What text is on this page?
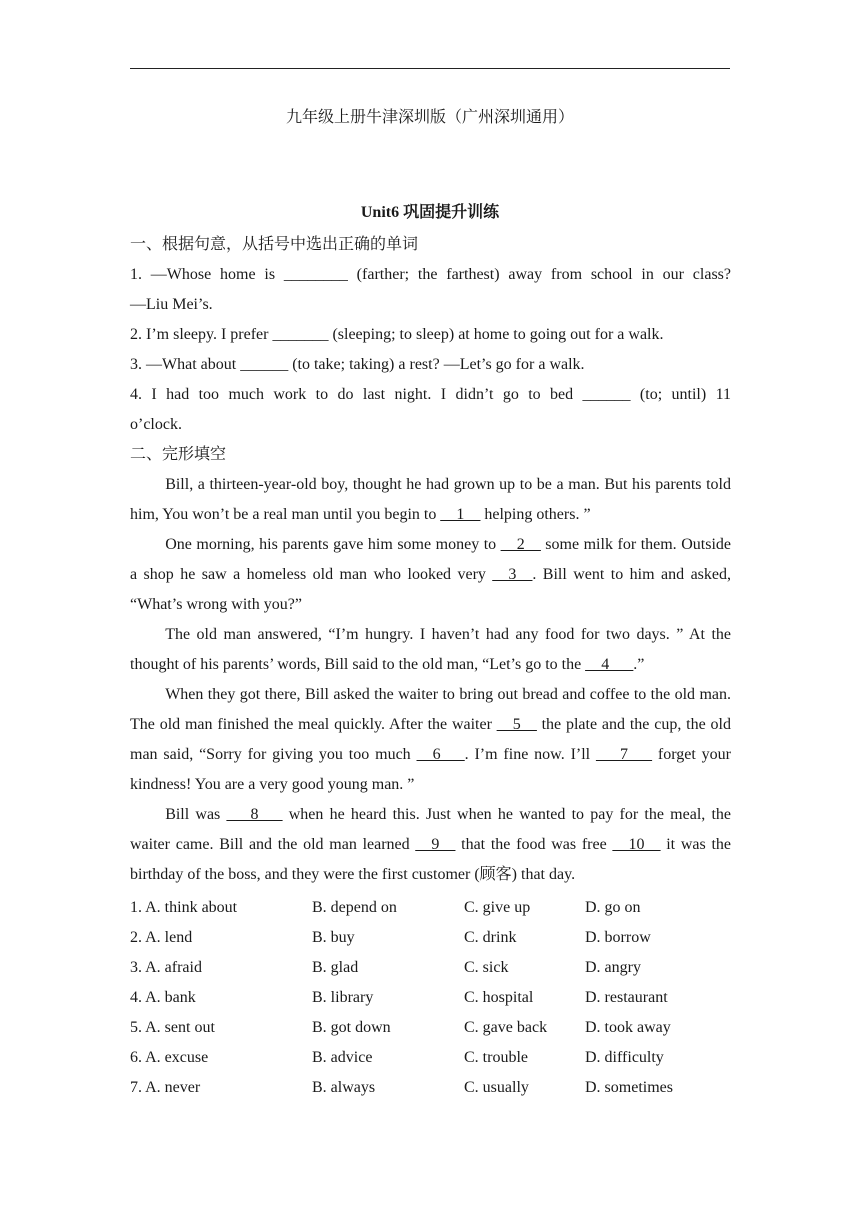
九年级上册牛津深圳版（广州深圳通用）
Unit6 巩固提升训练
一、根据句意，从括号中选出正确的单词
1. —Whose home is ________ (farther; the farthest) away from school in our class?
—Liu Mei’s.
2. I’m sleepy. I prefer _______ (sleeping; to sleep) at home to going out for a walk.
3. —What about ______ (to take; taking) a rest? —Let’s go for a walk.
4. I had too much work to do last night. I didn’t go to bed ______ (to; until) 11
o’clock.
二、完形填空

Bill, a thirteen-year-old boy, thought he had grown up to be a man. But his parents told him, You won’t be a real man until you begin to __1__ helping others. ”

One morning, his parents gave him some money to __2__ some milk for them. Outside a shop he saw a homeless old man who looked very __3__. Bill went to him and asked, “What’s wrong with you?”

The old man answered, “I’m hungry. I haven’t had any food for two days. ” At the thought of his parents’ words, Bill said to the old man, “Let’s go to the __4___.”

When they got there, Bill asked the waiter to bring out bread and coffee to the old man. The old man finished the meal quickly. After the waiter __5__ the plate and the cup, the old man said, “Sorry for giving you too much __6___. I’m fine now. I’ll ___7___ forget your kindness! You are a very good young man. ”

Bill was ___8___ when he heard this. Just when he wanted to pay for the meal, the waiter came. Bill and the old man learned __9__ that the food was free __10__ it was the birthday of the boss, and they were the first customer (顾客) that day.

1. A. think about	B. depend on	C. give up	D. go on
2. A. lend	B. buy	C. drink	D. borrow
3. A. afraid	B. glad	C. sick	D. angry
4. A. bank	B. library	C. hospital	D. restaurant
5. A. sent out	B. got down	C. gave back	D. took away
6. A. excuse	B. advice	C. trouble	D. difficulty
7. A. never	B. always	C. usually	D. sometimes
